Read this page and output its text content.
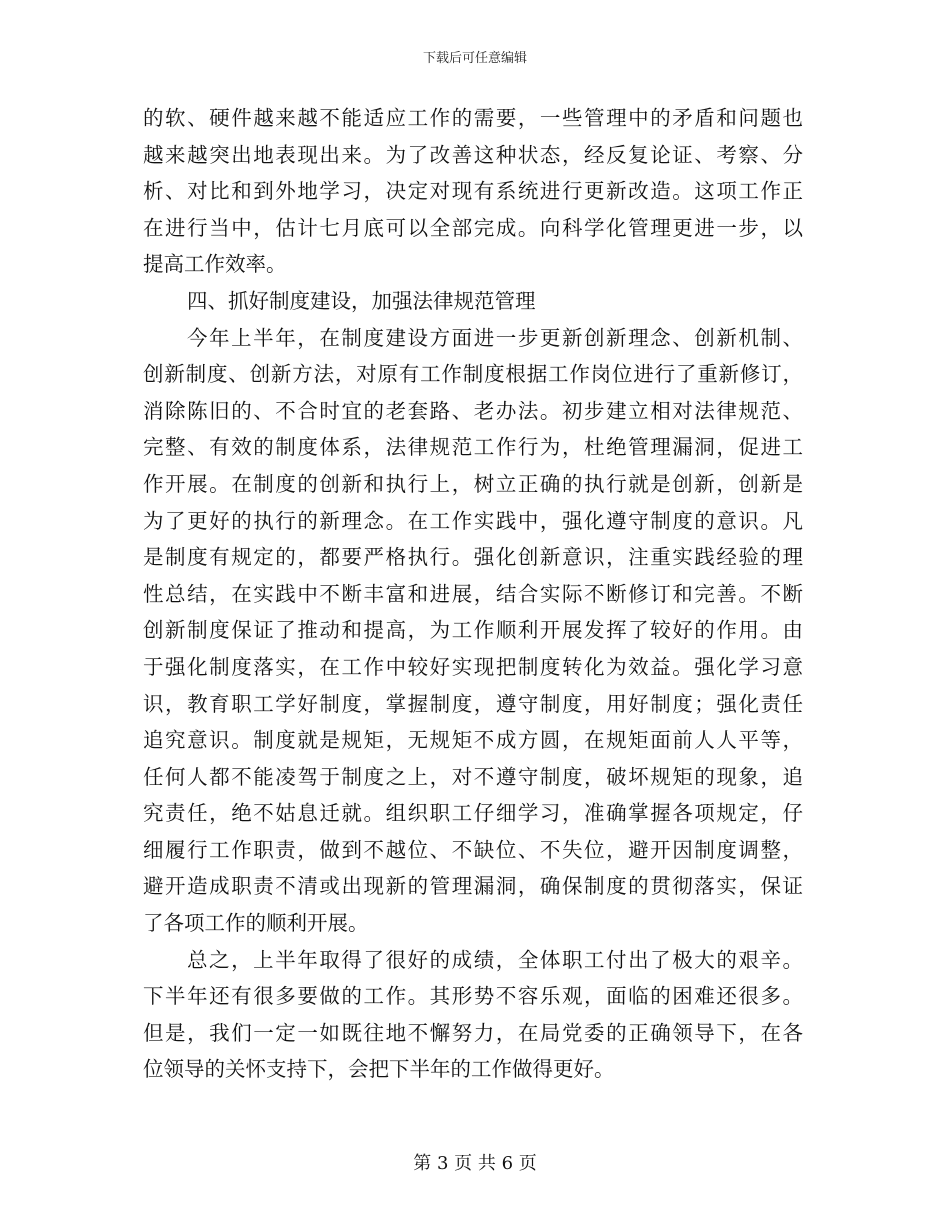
下载后可任意编辑
的软、硬件越来越不能适应工作的需要，一些管理中的矛盾和问题也
越来越突出地表现出来。为了改善这种状态，经反复论证、考察、分
析、对比和到外地学习，决定对现有系统进行更新改造。这项工作正
在进行当中，估计七月底可以全部完成。向科学化管理更进一步，以
提高工作效率。
四、抓好制度建设，加强法律规范管理
今年上半年，在制度建设方面进一步更新创新理念、创新机制、
创新制度、创新方法，对原有工作制度根据工作岗位进行了重新修订，
消除陈旧的、不合时宜的老套路、老办法。初步建立相对法律规范、
完整、有效的制度体系，法律规范工作行为，杜绝管理漏洞，促进工
作开展。在制度的创新和执行上，树立正确的执行就是创新，创新是
为了更好的执行的新理念。在工作实践中，强化遵守制度的意识。凡
是制度有规定的，都要严格执行。强化创新意识，注重实践经验的理
性总结，在实践中不断丰富和进展，结合实际不断修订和完善。不断
创新制度保证了推动和提高，为工作顺利开展发挥了较好的作用。由
于强化制度落实，在工作中较好实现把制度转化为效益。强化学习意
识，教育职工学好制度，掌握制度，遵守制度，用好制度；强化责任
追究意识。制度就是规矩，无规矩不成方圆，在规矩面前人人平等，
任何人都不能凌驾于制度之上，对不遵守制度，破坏规矩的现象，追
究责任，绝不姑息迁就。组织职工仔细学习，准确掌握各项规定，仔
细履行工作职责，做到不越位、不缺位、不失位，避开因制度调整，
避开造成职责不清或出现新的管理漏洞，确保制度的贯彻落实，保证
了各项工作的顺利开展。
总之，上半年取得了很好的成绩，全体职工付出了极大的艰辛。
下半年还有很多要做的工作。其形势不容乐观，面临的困难还很多。
但是，我们一定一如既往地不懈努力，在局党委的正确领导下，在各
位领导的关怀支持下，会把下半年的工作做得更好。
第 3 页 共 6 页
